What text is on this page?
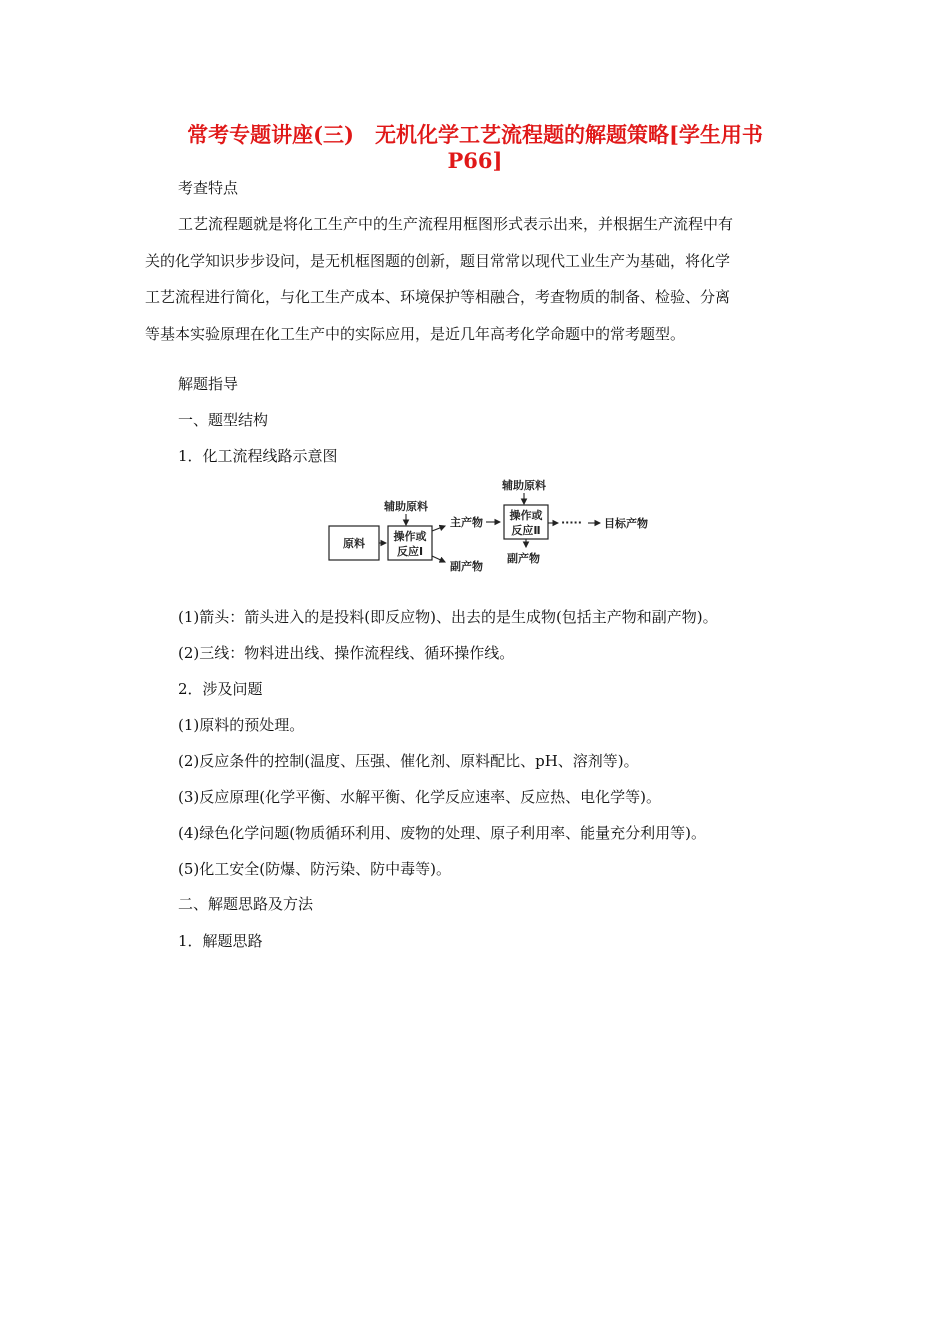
常考专题讲座(三)　无机化学工艺流程题的解题策略[学生用书
P66]
考查特点
工艺流程题就是将化工生产中的生产流程用框图形式表示出来，并根据生产流程中有
关的化学知识步步设问，是无机框图题的创新，题目常常以现代工业生产为基础，将化学
工艺流程进行简化，与化工生产成本、环境保护等相融合，考查物质的制备、检验、分离
等基本实验原理在化工生产中的实际应用，是近几年高考化学命题中的常考题型。
解题指导
一、题型结构
1．化工流程线路示意图
原料
辅助原料
操作或
反应Ⅰ
主产物
副产物
辅助原料
操作或
反应Ⅱ
副产物
····· 目标产物
(1)箭头：箭头进入的是投料(即反应物)、出去的是生成物(包括主产物和副产物)。
(2)三线：物料进出线、操作流程线、循环操作线。
2．涉及问题
(1)原料的预处理。
(2)反应条件的控制(温度、压强、催化剂、原料配比、pH、溶剂等)。
(3)反应原理(化学平衡、水解平衡、化学反应速率、反应热、电化学等)。
(4)绿色化学问题(物质循环利用、废物的处理、原子利用率、能量充分利用等)。
(5)化工安全(防爆、防污染、防中毒等)。
二、解题思路及方法
1．解题思路
